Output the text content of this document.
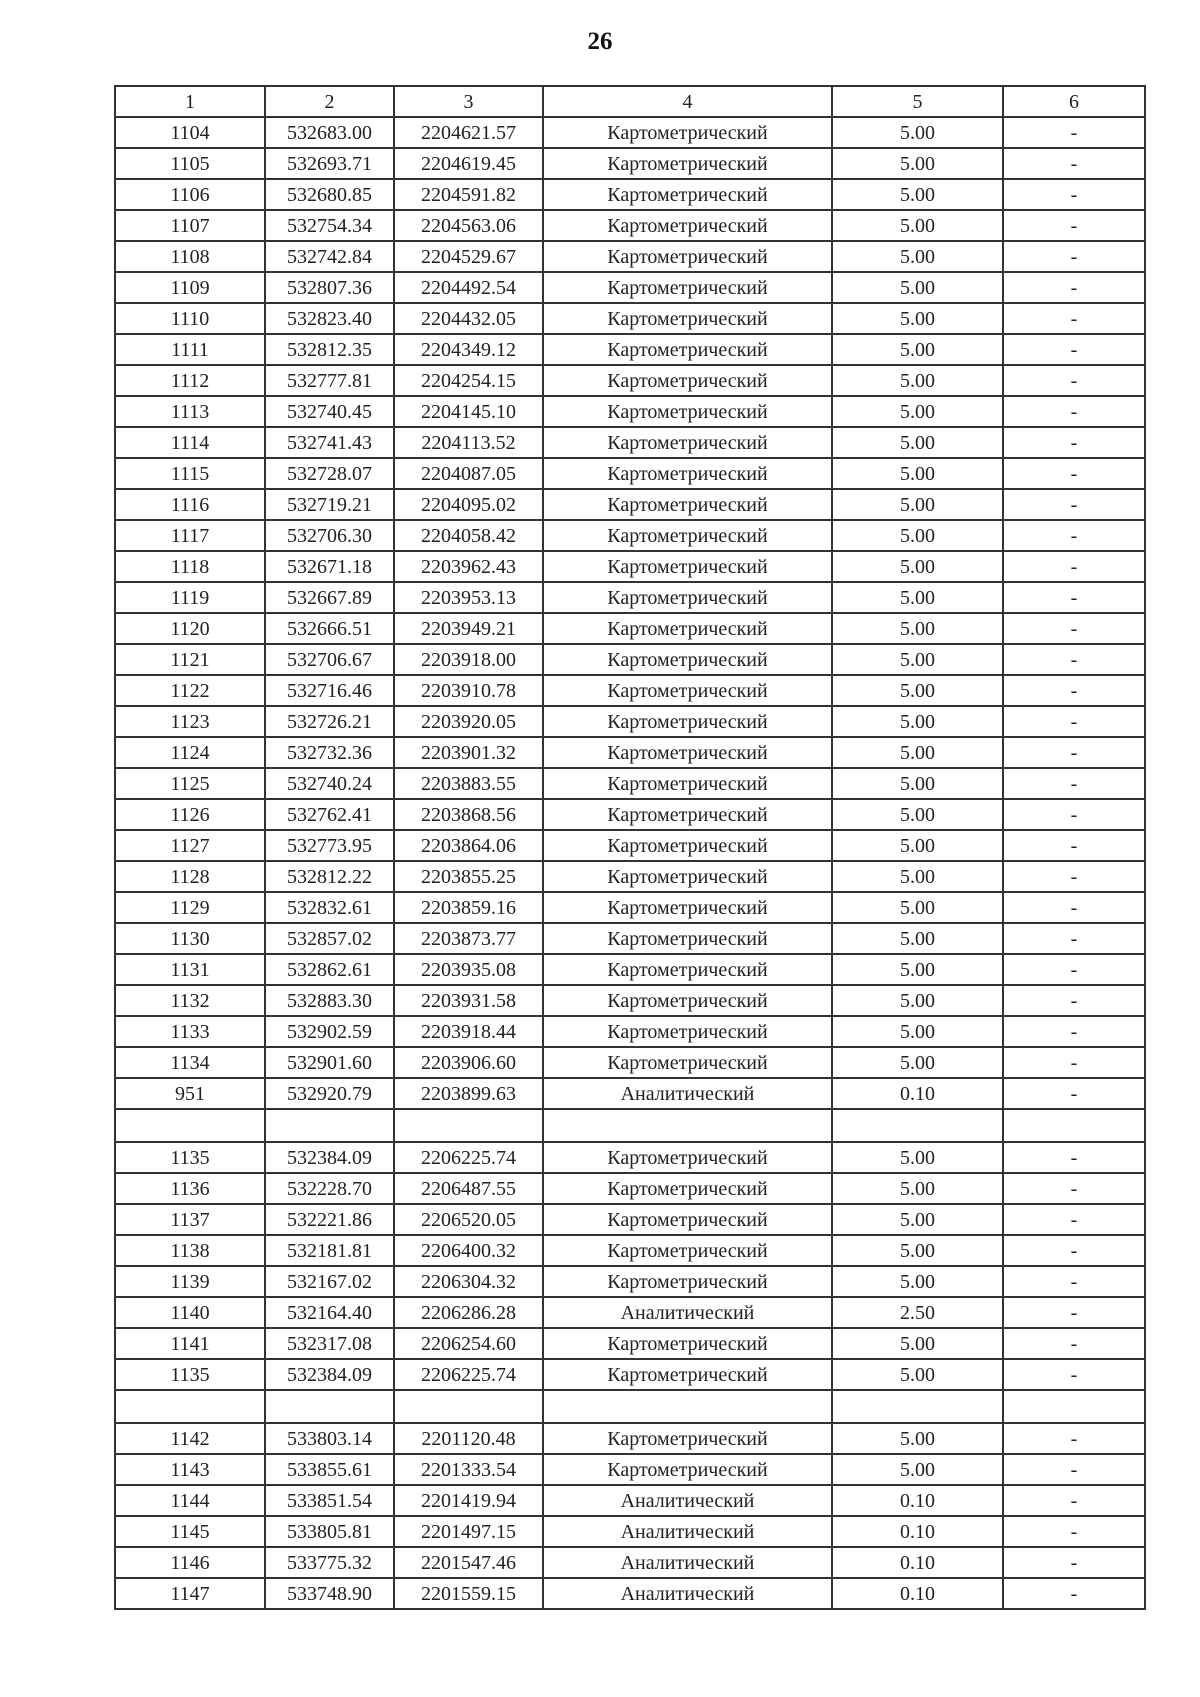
26
1	2	3	4	5	6
1104	532683.00	2204621.57	Картометрический	5.00	-
1105	532693.71	2204619.45	Картометрический	5.00	-
1106	532680.85	2204591.82	Картометрический	5.00	-
1107	532754.34	2204563.06	Картометрический	5.00	-
1108	532742.84	2204529.67	Картометрический	5.00	-
1109	532807.36	2204492.54	Картометрический	5.00	-
1110	532823.40	2204432.05	Картометрический	5.00	-
1111	532812.35	2204349.12	Картометрический	5.00	-
1112	532777.81	2204254.15	Картометрический	5.00	-
1113	532740.45	2204145.10	Картометрический	5.00	-
1114	532741.43	2204113.52	Картометрический	5.00	-
1115	532728.07	2204087.05	Картометрический	5.00	-
1116	532719.21	2204095.02	Картометрический	5.00	-
1117	532706.30	2204058.42	Картометрический	5.00	-
1118	532671.18	2203962.43	Картометрический	5.00	-
1119	532667.89	2203953.13	Картометрический	5.00	-
1120	532666.51	2203949.21	Картометрический	5.00	-
1121	532706.67	2203918.00	Картометрический	5.00	-
1122	532716.46	2203910.78	Картометрический	5.00	-
1123	532726.21	2203920.05	Картометрический	5.00	-
1124	532732.36	2203901.32	Картометрический	5.00	-
1125	532740.24	2203883.55	Картометрический	5.00	-
1126	532762.41	2203868.56	Картометрический	5.00	-
1127	532773.95	2203864.06	Картометрический	5.00	-
1128	532812.22	2203855.25	Картометрический	5.00	-
1129	532832.61	2203859.16	Картометрический	5.00	-
1130	532857.02	2203873.77	Картометрический	5.00	-
1131	532862.61	2203935.08	Картометрический	5.00	-
1132	532883.30	2203931.58	Картометрический	5.00	-
1133	532902.59	2203918.44	Картометрический	5.00	-
1134	532901.60	2203906.60	Картометрический	5.00	-
951	532920.79	2203899.63	Аналитический	0.10	-

1135	532384.09	2206225.74	Картометрический	5.00	-
1136	532228.70	2206487.55	Картометрический	5.00	-
1137	532221.86	2206520.05	Картометрический	5.00	-
1138	532181.81	2206400.32	Картометрический	5.00	-
1139	532167.02	2206304.32	Картометрический	5.00	-
1140	532164.40	2206286.28	Аналитический	2.50	-
1141	532317.08	2206254.60	Картометрический	5.00	-
1135	532384.09	2206225.74	Картометрический	5.00	-

1142	533803.14	2201120.48	Картометрический	5.00	-
1143	533855.61	2201333.54	Картометрический	5.00	-
1144	533851.54	2201419.94	Аналитический	0.10	-
1145	533805.81	2201497.15	Аналитический	0.10	-
1146	533775.32	2201547.46	Аналитический	0.10	-
1147	533748.90	2201559.15	Аналитический	0.10	-
